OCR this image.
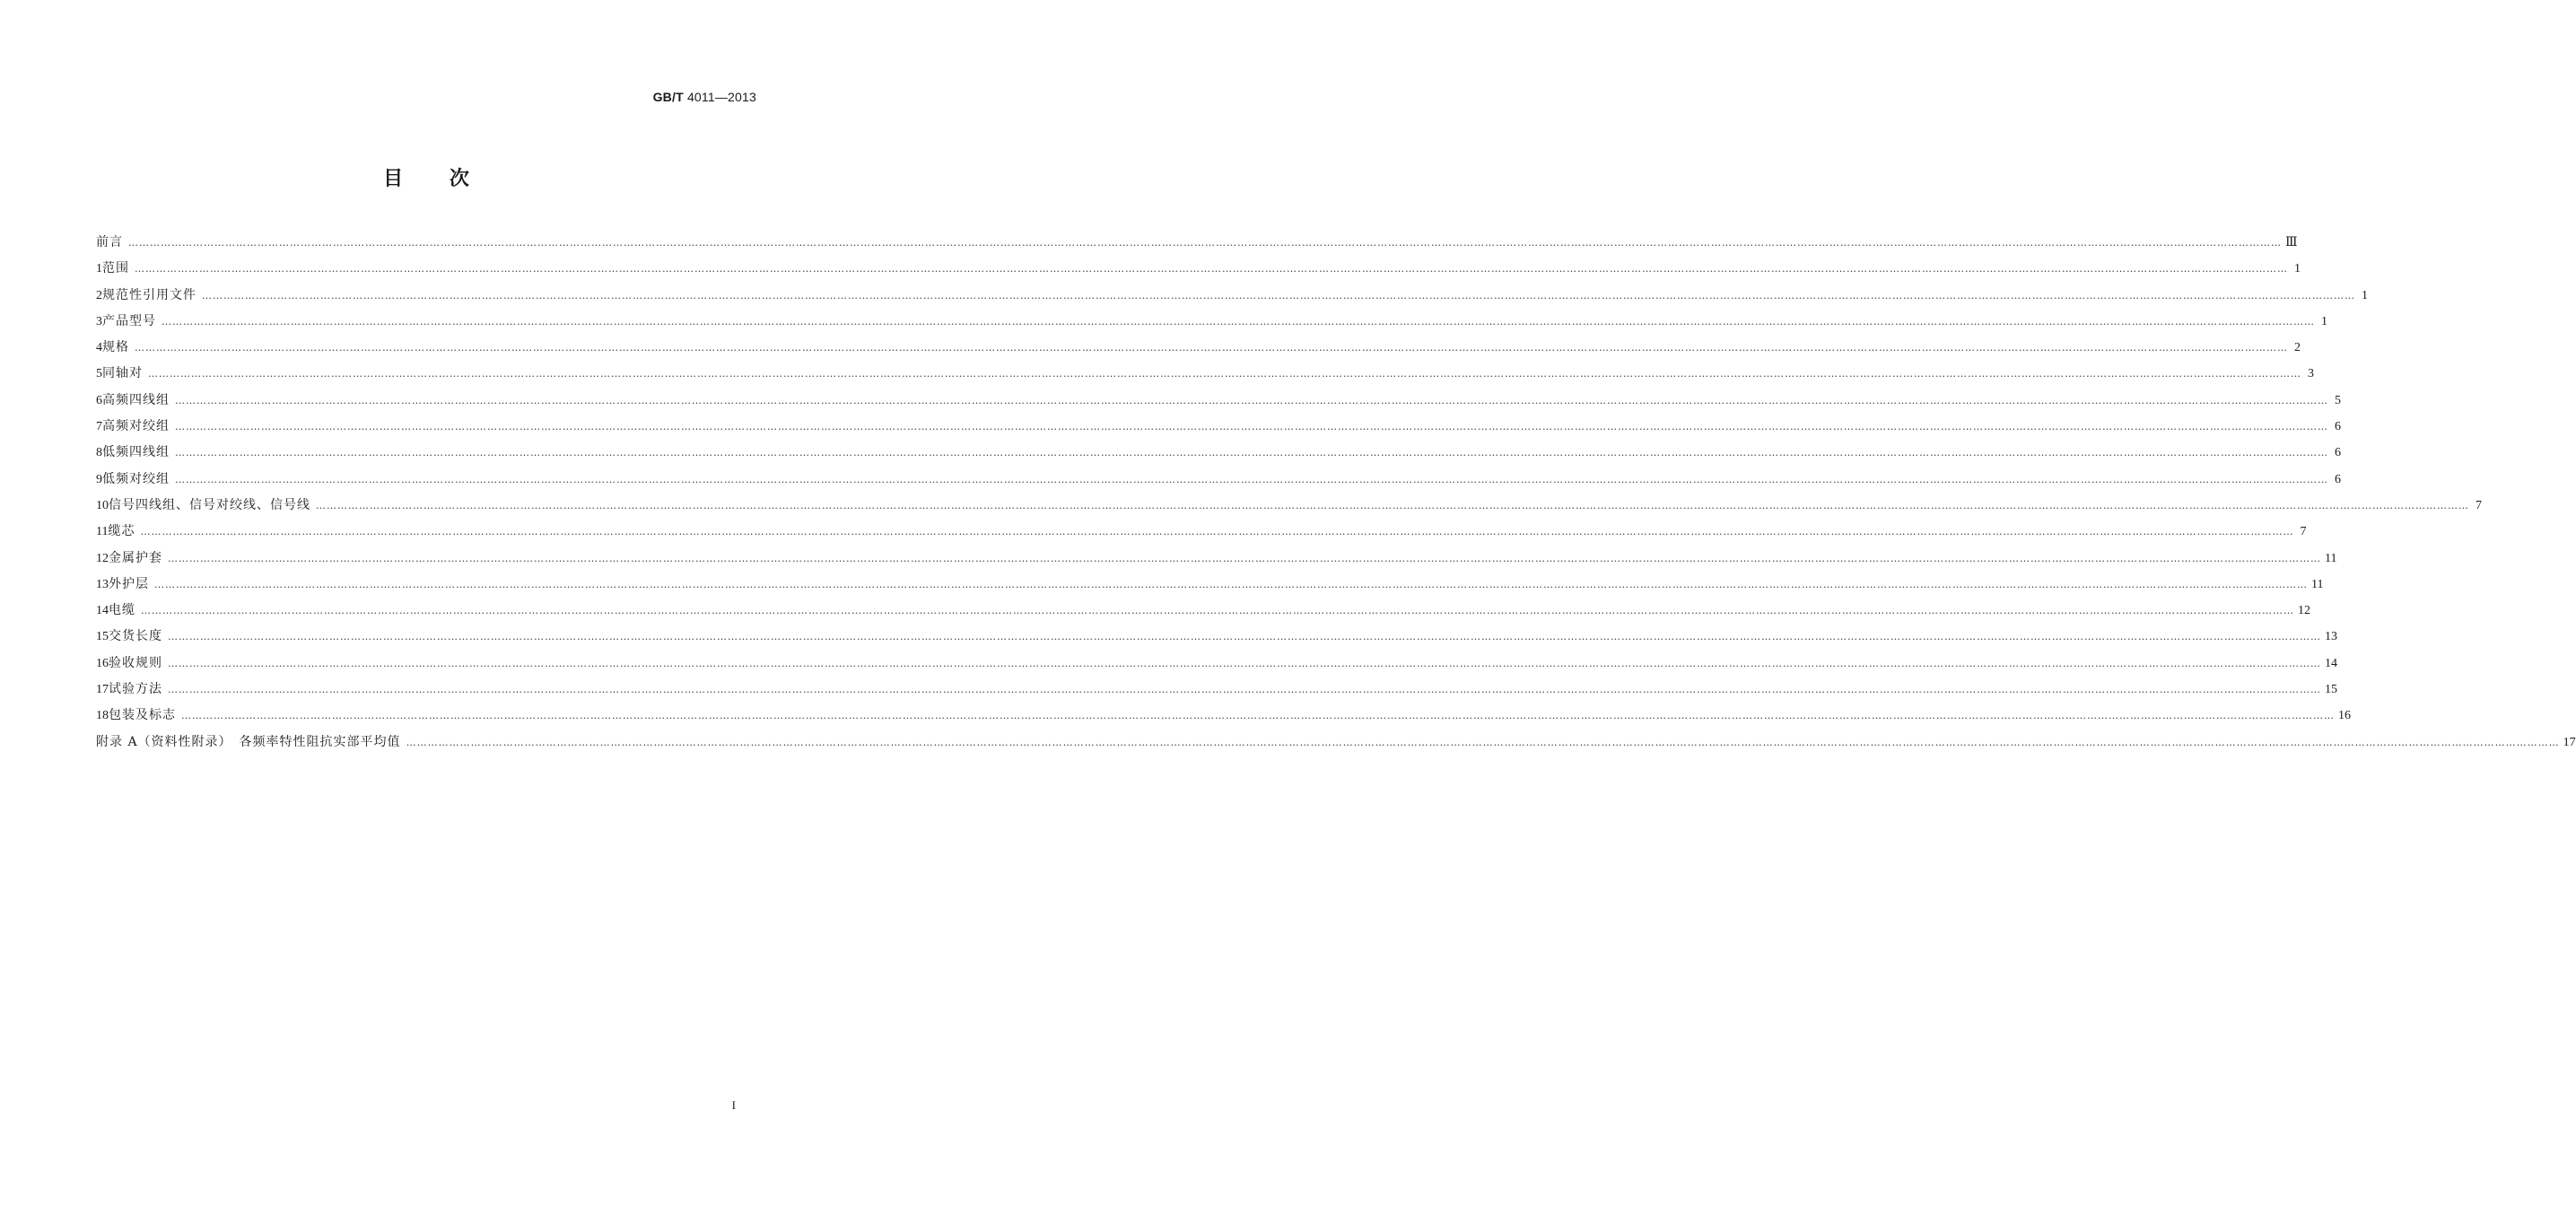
GB/T 4011—2013
目 次
前言 …………………………………………………………………………………………………………………………………………………………………………………………………………………………………………………………………………………………………………………………………………………………………………………………………………………………………………………………………………………………………………………………………………………… Ⅲ
1 范围 …………………………………………………………………………………………………………………………………………………………………………………………………………………………………………………………………………………………………………………………………………………………………………………………………………………………………………………………………………………………………………………………………………………… 1
2 规范性引用文件 …………………………………………………………………………………………………………………………………………………………………………………………………………………………………………………………………………………………………………………………………………………………………………………………………………………………………………………………………………………………………………………………………………………… 1
3 产品型号 …………………………………………………………………………………………………………………………………………………………………………………………………………………………………………………………………………………………………………………………………………………………………………………………………………………………………………………………………………………………………………………………………………………… 1
4 规格 …………………………………………………………………………………………………………………………………………………………………………………………………………………………………………………………………………………………………………………………………………………………………………………………………………………………………………………………………………………………………………………………………………………… 2
5 同轴对 …………………………………………………………………………………………………………………………………………………………………………………………………………………………………………………………………………………………………………………………………………………………………………………………………………………………………………………………………………………………………………………………………………………… 3
6 高频四线组 …………………………………………………………………………………………………………………………………………………………………………………………………………………………………………………………………………………………………………………………………………………………………………………………………………………………………………………………………………………………………………………………………………………… 5
7 高频对绞组 …………………………………………………………………………………………………………………………………………………………………………………………………………………………………………………………………………………………………………………………………………………………………………………………………………………………………………………………………………………………………………………………………………………… 6
8 低频四线组 …………………………………………………………………………………………………………………………………………………………………………………………………………………………………………………………………………………………………………………………………………………………………………………………………………………………………………………………………………………………………………………………………………………… 6
9 低频对绞组 …………………………………………………………………………………………………………………………………………………………………………………………………………………………………………………………………………………………………………………………………………………………………………………………………………………………………………………………………………………………………………………………………………………… 6
10 信号四线组、信号对绞线、信号线 …………………………………………………………………………………………………………………………………………………………………………………………………………………………………………………………………………………………………………………………………………………………………………………………………………………………………………………………………………………………………………………………………………………… 7
11 缆芯 …………………………………………………………………………………………………………………………………………………………………………………………………………………………………………………………………………………………………………………………………………………………………………………………………………………………………………………………………………………………………………………………………………………… 7
12 金属护套 …………………………………………………………………………………………………………………………………………………………………………………………………………………………………………………………………………………………………………………………………………………………………………………………………………………………………………………………………………………………………………………………………………………… 11
13 外护层 …………………………………………………………………………………………………………………………………………………………………………………………………………………………………………………………………………………………………………………………………………………………………………………………………………………………………………………………………………………………………………………………………………………… 11
14 电缆 …………………………………………………………………………………………………………………………………………………………………………………………………………………………………………………………………………………………………………………………………………………………………………………………………………………………………………………………………………………………………………………………………………………… 12
15 交货长度 …………………………………………………………………………………………………………………………………………………………………………………………………………………………………………………………………………………………………………………………………………………………………………………………………………………………………………………………………………………………………………………………………………………… 13
16 验收规则 …………………………………………………………………………………………………………………………………………………………………………………………………………………………………………………………………………………………………………………………………………………………………………………………………………………………………………………………………………………………………………………………………………………… 14
17 试验方法 …………………………………………………………………………………………………………………………………………………………………………………………………………………………………………………………………………………………………………………………………………………………………………………………………………………………………………………………………………………………………………………………………………………… 15
18 包装及标志 …………………………………………………………………………………………………………………………………………………………………………………………………………………………………………………………………………………………………………………………………………………………………………………………………………………………………………………………………………………………………………………………………………………… 16
附录 A（资料性附录）　各频率特性阻抗实部平均值 …………………………………………………………………………………………………………………………………………………………………………………………………………………………………………………………………………………………………………………………………………………………………………………………………………………………………………………………………………………………………………………………………………………… 17
I
